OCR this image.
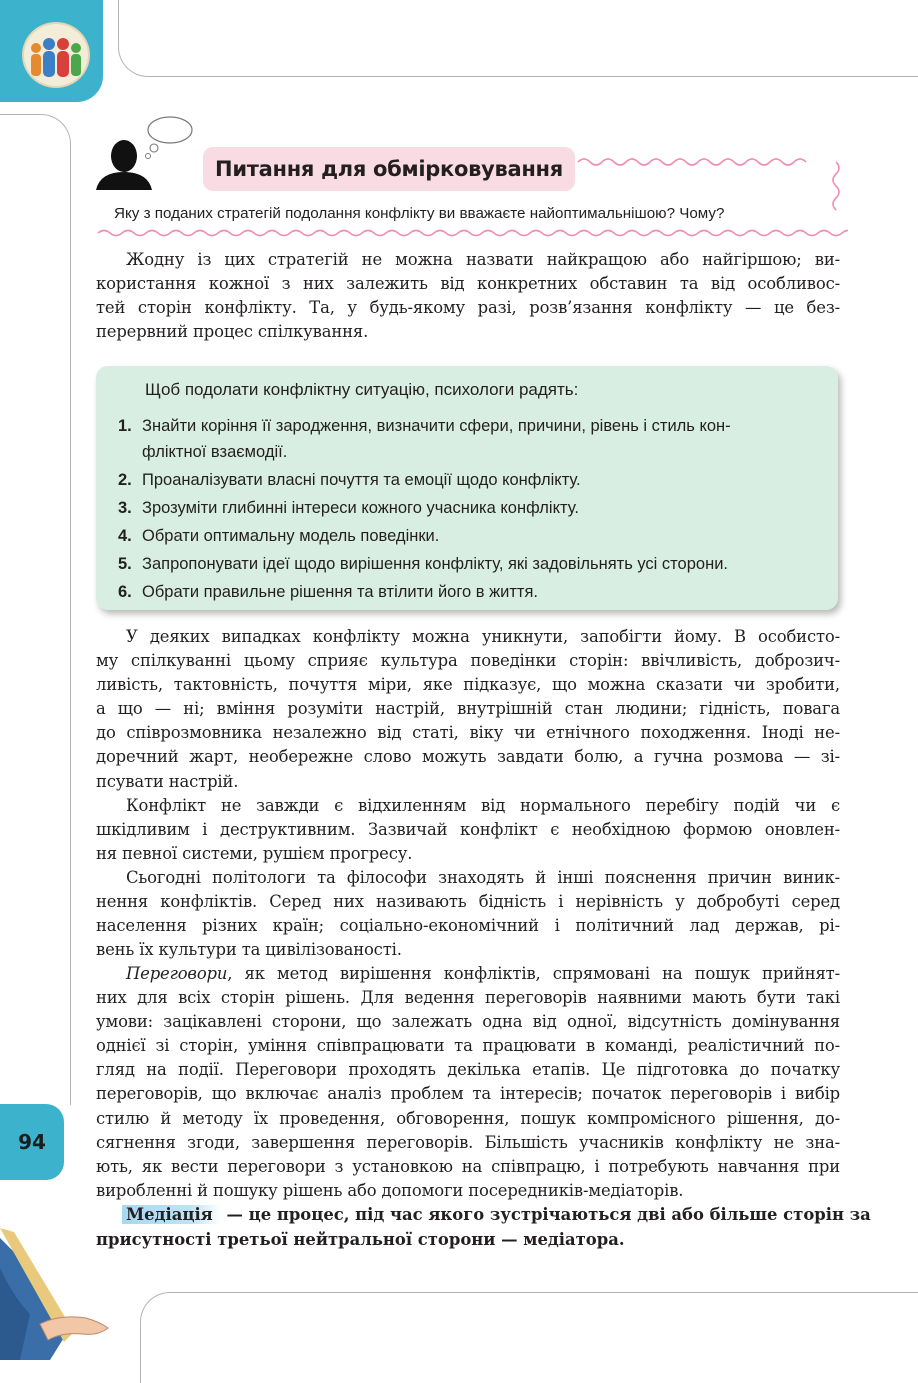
94
Питання для обмірковування
Яку з поданих стратегій подолання конфлікту ви вважаєте найоптимальнішою? Чому?
Жодну із цих стратегій не можна назвати найкращою або найгіршою; ви-
користання кожної з них залежить від конкретних обставин та від особливос-
тей сторін конфлікту. Та, у будь-якому разі, розв’язання конфлікту — це без-
перервний процес спілкування.
Щоб подолати конфліктну ситуацію, психологи радять:
1. Знайти коріння її зародження, визначити сфери, причини, рівень і стиль кон-
фліктної взаємодії.
2. Проаналізувати власні почуття та емоції щодо конфлікту.
3. Зрозуміти глибинні інтереси кожного учасника конфлікту.
4. Обрати оптимальну модель поведінки.
5. Запропонувати ідеї щодо вирішення конфлікту, які задовільнять усі сторони.
6. Обрати правильне рішення та втілити його в життя.
У деяких випадках конфлікту можна уникнути, запобігти йому. В особисто-
му спілкуванні цьому сприяє культура поведінки сторін: ввічливість, доброзич-
ливість, тактовність, почуття міри, яке підказує, що можна сказати чи зробити,
а що — ні; вміння розуміти настрій, внутрішній стан людини; гідність, повага
до співрозмовника незалежно від статі, віку чи етнічного походження. Іноді не-
доречний жарт, необережне слово можуть завдати болю, а гучна розмова — зі-
псувати настрій.
Конфлікт не завжди є відхиленням від нормального перебігу подій чи є
шкідливим і деструктивним. Зазвичай конфлікт є необхідною формою оновлен-
ня певної системи, рушієм прогресу.
Сьогодні політологи та філософи знаходять й інші пояснення причин виник-
нення конфліктів. Серед них називають бідність і нерівність у добробуті серед
населення різних країн; соціально-економічний і політичний лад держав, рі-
вень їх культури та цивілізованості.
Переговори, як метод вирішення конфліктів, спрямовані на пошук прийнят-
них для всіх сторін рішень. Для ведення переговорів наявними мають бути такі
умови: зацікавлені сторони, що залежать одна від одної, відсутність домінування
однієї зі сторін, уміння співпрацювати та працювати в команді, реалістичний по-
гляд на події. Переговори проходять декілька етапів. Це підготовка до початку
переговорів, що включає аналіз проблем та інтересів; початок переговорів і вибір
стилю й методу їх проведення, обговорення, пошук компромісного рішення, до-
сягнення згоди, завершення переговорів. Більшість учасників конфлікту не зна-
ють, як вести переговори з установкою на співпрацю, і потребують навчання при
виробленні й пошуку рішень або допомоги посередників-медіаторів.
Медіація — це процес, під час якого зустрічаються дві або більше сторін за
присутності третьої нейтральної сторони — медіатора.
